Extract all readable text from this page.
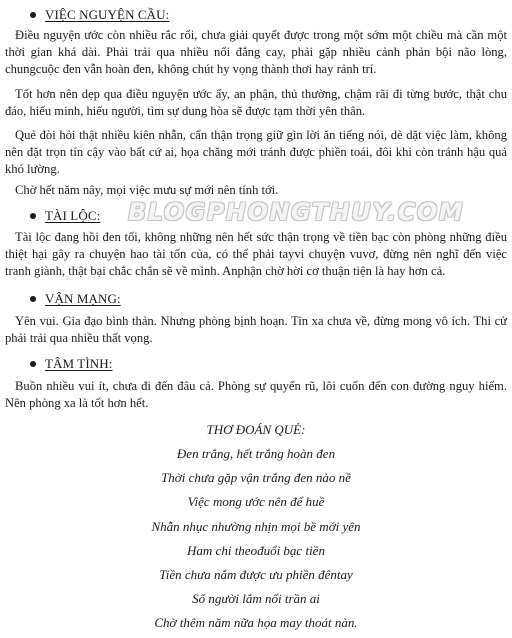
VIỆC NGUYỆN CẦU:
Điều nguyện ước còn nhiều rắc rối, chưa giải quyết được trong một sớm một chiều mà cần một thời gian khá dài. Phải trải qua nhiều nổi đắng cay, phải gặp nhiều cảnh phản bội não lòng, chungcuộc đen vẫn hoàn đen, không chút hy vọng thành thơi hay rảnh trí.
Tốt hơn nên dẹp qua điều nguyện ước ấy, an phận, thủ thường, chậm rãi đi từng bước, thật chu đáo, hiếu minh, hiếu người, tìm sự dung hòa sẽ được tạm thời yên thân.
Quẻ đòi hỏi thật nhiều kiên nhẫn, cẩn thận trọng giữ gìn lời ăn tiếng nói, dè dặt việc làm, không nên đặt trọn tín cậy vào bất cứ ai, họa chăng mới tránh được phiền toái, đôi khi còn tránh hậu quả khó lường.
Chờ hết năm nây, mọi việc mưu sự mới nên tính tới.
TÀI LỘC:
Tài lộc đang hồi đen tối, không những nên hết sức thận trọng về tiền bạc còn phòng những điều thiệt hại gây ra chuyện hao tài tốn của, có thể phải tayvi chuyện vuvơ, đừng nên nghĩ đến việc tranh giành, thật bại chắc chắn sẽ về mình. Anphận chờ hời cơ thuận tiện là hay hơn cả.
BLOGPHONGTHUY.COM
VẬN MẠNG:
Yên vui. Gia đạo bình thản. Nhưng phòng bịnh hoạn. Tin xa chưa về, đừng mong vô ích. Thi cử phải trải qua nhiều thất vọng.
TÂM TÌNH:
Buồn nhiều vui ít, chưa đi đến đâu cả. Phòng sự quyến rũ, lôi cuốn đến con đường nguy hiểm. Nên phòng xa là tốt hơn hết.
THƠ ĐOÁN QUẺ:
Đen trắng, hết trắng hoàn đen
Thời chưa gặp vận trắng đen nào nề
Việc mong ước nên để huề
Nhẫn nhục nhường nhịn mọi bề mới yên
Ham chi theođuổi bạc tiền
Tiền chưa nắm được ưu phiền đêntay
Số người lắm nổi trần ai
Chờ thêm năm nữa họa may thoát nàn.
